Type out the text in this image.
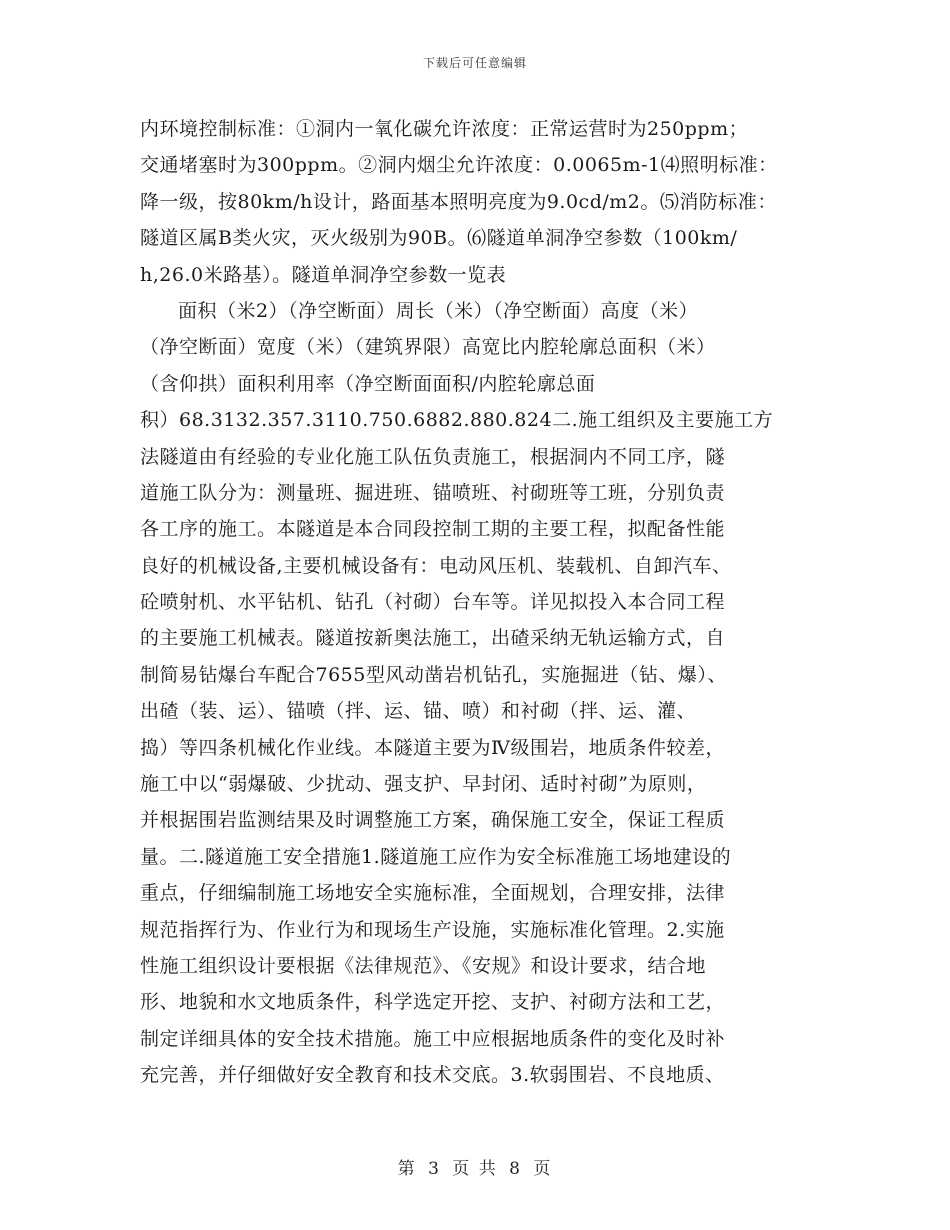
下载后可任意编辑
内环境控制标准：①洞内一氧化碳允许浓度：正常运营时为250ppm；
交通堵塞时为300ppm。②洞内烟尘允许浓度：0.0065m-1⑷照明标准：
降一级，按80km/h设计，路面基本照明亮度为9.0cd/m2。⑸消防标准：
隧道区属B类火灾，灭火级别为90B。⑹隧道单洞净空参数（100km/
h,26.0米路基）。隧道单洞净空参数一览表
面积（米2）（净空断面）周长（米）（净空断面）高度（米）
（净空断面）宽度（米）（建筑界限）高宽比内腔轮廓总面积（米）
（含仰拱）面积利用率（净空断面面积/内腔轮廓总面
积）68.3132.357.3110.750.6882.880.824二.施工组织及主要施工方
法隧道由有经验的专业化施工队伍负责施工，根据洞内不同工序，隧
道施工队分为：测量班、掘进班、锚喷班、衬砌班等工班，分别负责
各工序的施工。本隧道是本合同段控制工期的主要工程，拟配备性能
良好的机械设备,主要机械设备有：电动风压机、装载机、自卸汽车、
砼喷射机、水平钻机、钻孔（衬砌）台车等。详见拟投入本合同工程
的主要施工机械表。隧道按新奥法施工，出碴采纳无轨运输方式，自
制简易钻爆台车配合7655型风动凿岩机钻孔，实施掘进（钻、爆）、
出碴（装、运）、锚喷（拌、运、锚、喷）和衬砌（拌、运、灌、
捣）等四条机械化作业线。本隧道主要为Ⅳ级围岩，地质条件较差，
施工中以“弱爆破、少扰动、强支护、早封闭、适时衬砌”为原则，
并根据围岩监测结果及时调整施工方案，确保施工安全，保证工程质
量。二.隧道施工安全措施1.隧道施工应作为安全标准施工场地建设的
重点，仔细编制施工场地安全实施标准，全面规划，合理安排，法律
规范指挥行为、作业行为和现场生产设施，实施标准化管理。2.实施
性施工组织设计要根据《法律规范》、《安规》和设计要求，结合地
形、地貌和水文地质条件，科学选定开挖、支护、衬砌方法和工艺，
制定详细具体的安全技术措施。施工中应根据地质条件的变化及时补
充完善，并仔细做好安全教育和技术交底。3.软弱围岩、不良地质、
第 3 页 共 8 页
